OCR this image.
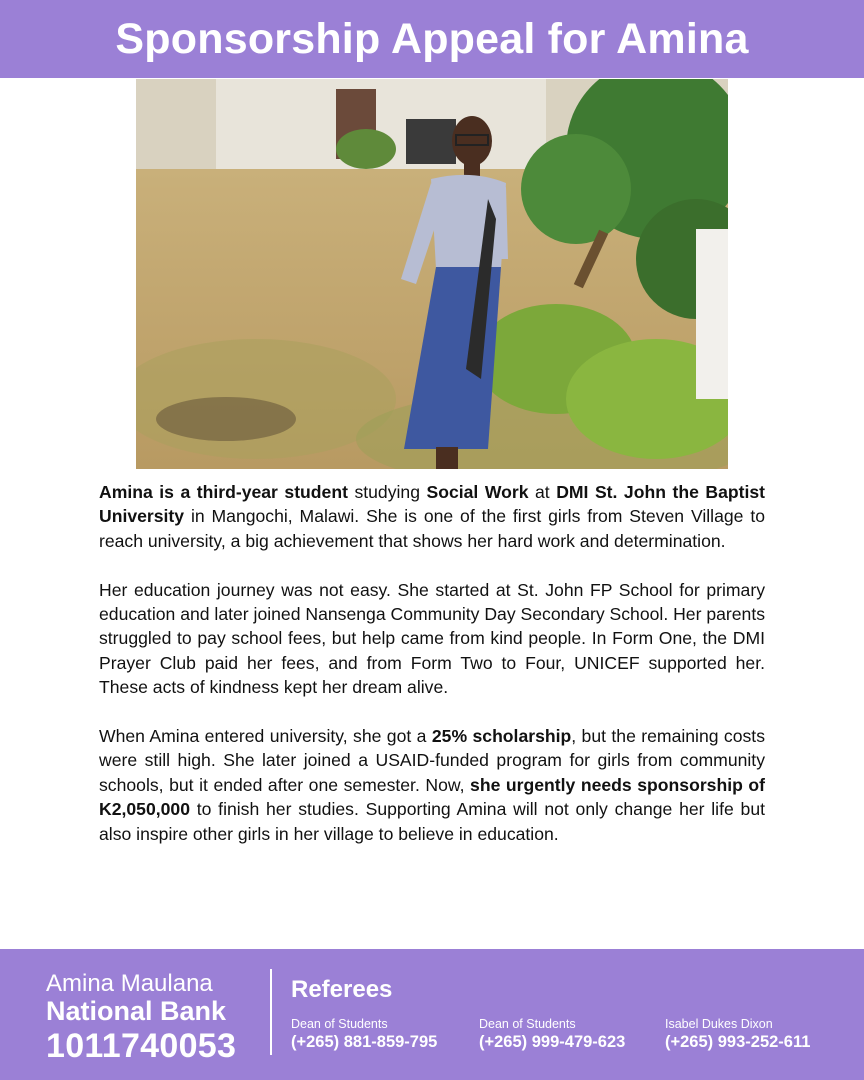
Sponsorship Appeal for Amina

Amina is a third-year student studying Social Work at DMI St. John the Baptist University in Mangochi, Malawi. She is one of the first girls from Steven Village to reach university, a big achievement that shows her hard work and determination.

Her education journey was not easy. She started at St. John FP School for primary education and later joined Nansenga Community Day Secondary School. Her parents struggled to pay school fees, but help came from kind people. In Form One, the DMI Prayer Club paid her fees, and from Form Two to Four, UNICEF supported her. These acts of kindness kept her dream alive.

When Amina entered university, she got a 25% scholarship, but the remaining costs were still high. She later joined a USAID-funded program for girls from community schools, but it ended after one semester. Now, she urgently needs sponsorship of K2,050,000 to finish her studies. Supporting Amina will not only change her life but also inspire other girls in her village to believe in education.

Amina Maulana
National Bank
1011740053
Referees
Dean of Students
(+265) 881-859-795
Dean of Students
(+265) 999-479-623
Isabel Dukes Dixon
(+265) 993-252-611
